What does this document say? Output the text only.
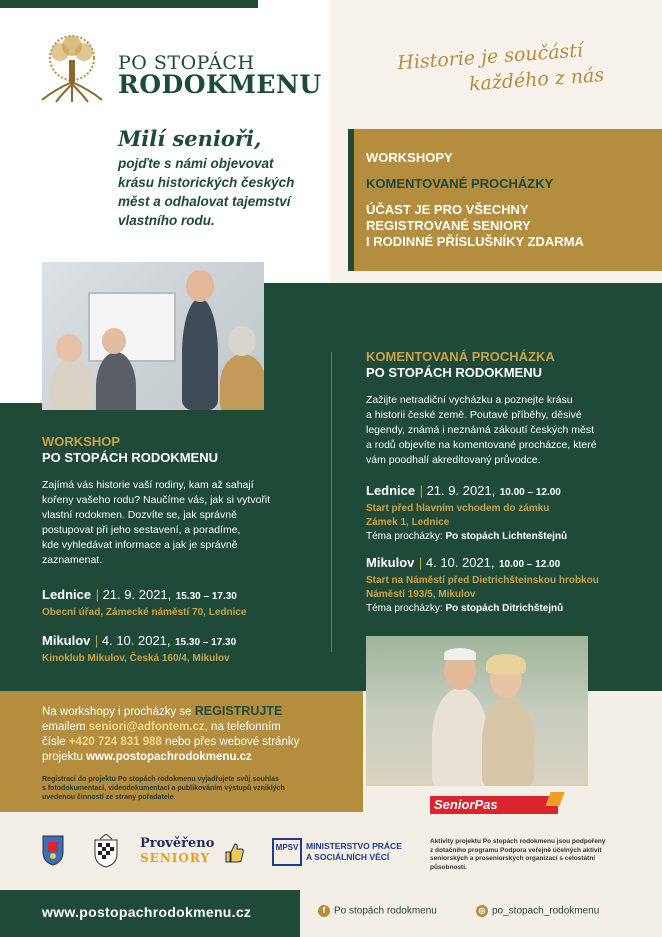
PO STOPÁCH
RODOKMENU
Historie je součástí
každého z nás
Milí senioři,
pojďte s námi objevovat
krásu historických českých
měst a odhalovat tajemství
vlastního rodu.
WORKSHOPY
KOMENTOVANÉ PROCHÁZKY
ÚČAST JE PRO VŠECHNY
REGISTROVANÉ SENIORY
I RODINNÉ PŘÍSLUŠNÍKY ZDARMA
WORKSHOP
PO STOPÁCH RODOKMENU
Zajímá vás historie vaší rodiny, kam až sahají
kořeny vašeho rodu? Naučíme vás, jak si vytvořit
vlastní rodokmen. Dozvíte se, jak správně
postupovat při jeho sestavení, a poradíme,
kde vyhledávat informace a jak je správně
zaznamenat.
Lednice | 21. 9. 2021, 15.30 – 17.30
Obecní úřad, Zámecké náměstí 70, Lednice
Mikulov | 4. 10. 2021, 15.30 – 17.30
Kinoklub Mikulov, Česká 160/4, Mikulov
KOMENTOVANÁ PROCHÁZKA
PO STOPÁCH RODOKMENU
Zažijte netradiční vycházku a poznejte krásu
a historii české země. Poutavé příběhy, děsivé
legendy, známá i neznámá zákoutí českých měst
a rodů objevíte na komentované procházce, které
vám poodhalí akreditovaný průvodce.
Lednice | 21. 9. 2021, 10.00 – 12.00
Start před hlavním vchodem do zámku
Zámek 1, Lednice
Téma procházky: Po stopách Lichtenštejnů
Mikulov | 4. 10. 2021, 10.00 – 12.00
Start na Náměstí před Dietrichšteinskou hrobkou
Náměstí 193/5, Mikulov
Téma procházky: Po stopách Ditrichštejnů
Na workshopy i procházky se REGISTRUJTE
emailem seniori@adfontem.cz, na telefonním
čísle +420 724 831 988 nebo přes webové stránky
projektu www.postopachrodokmenu.cz
Registrací do projektu Po stopách rodokmenu vyjadřujete svůj souhlas
s fotodokumentací, videodokumentací a publikováním výstupů vzniklých
uvedenou činností ze strany pořadatele.	SeniorPas
Prověřeno
SENIORY
MPSV MINISTERSTVO PRÁCE
A SOCIÁLNÍCH VĚCÍ
Aktivity projektu Po stopách rodokmenu jsou podpořeny
z dotačního programu Podpora veřejně účelných aktivit
seniorských a proseniorských organizací s celostátní
působností.
www.postopachrodokmenu.cz	f Po stopách rodokmenu	◎ po_stopach_rodokmenu
